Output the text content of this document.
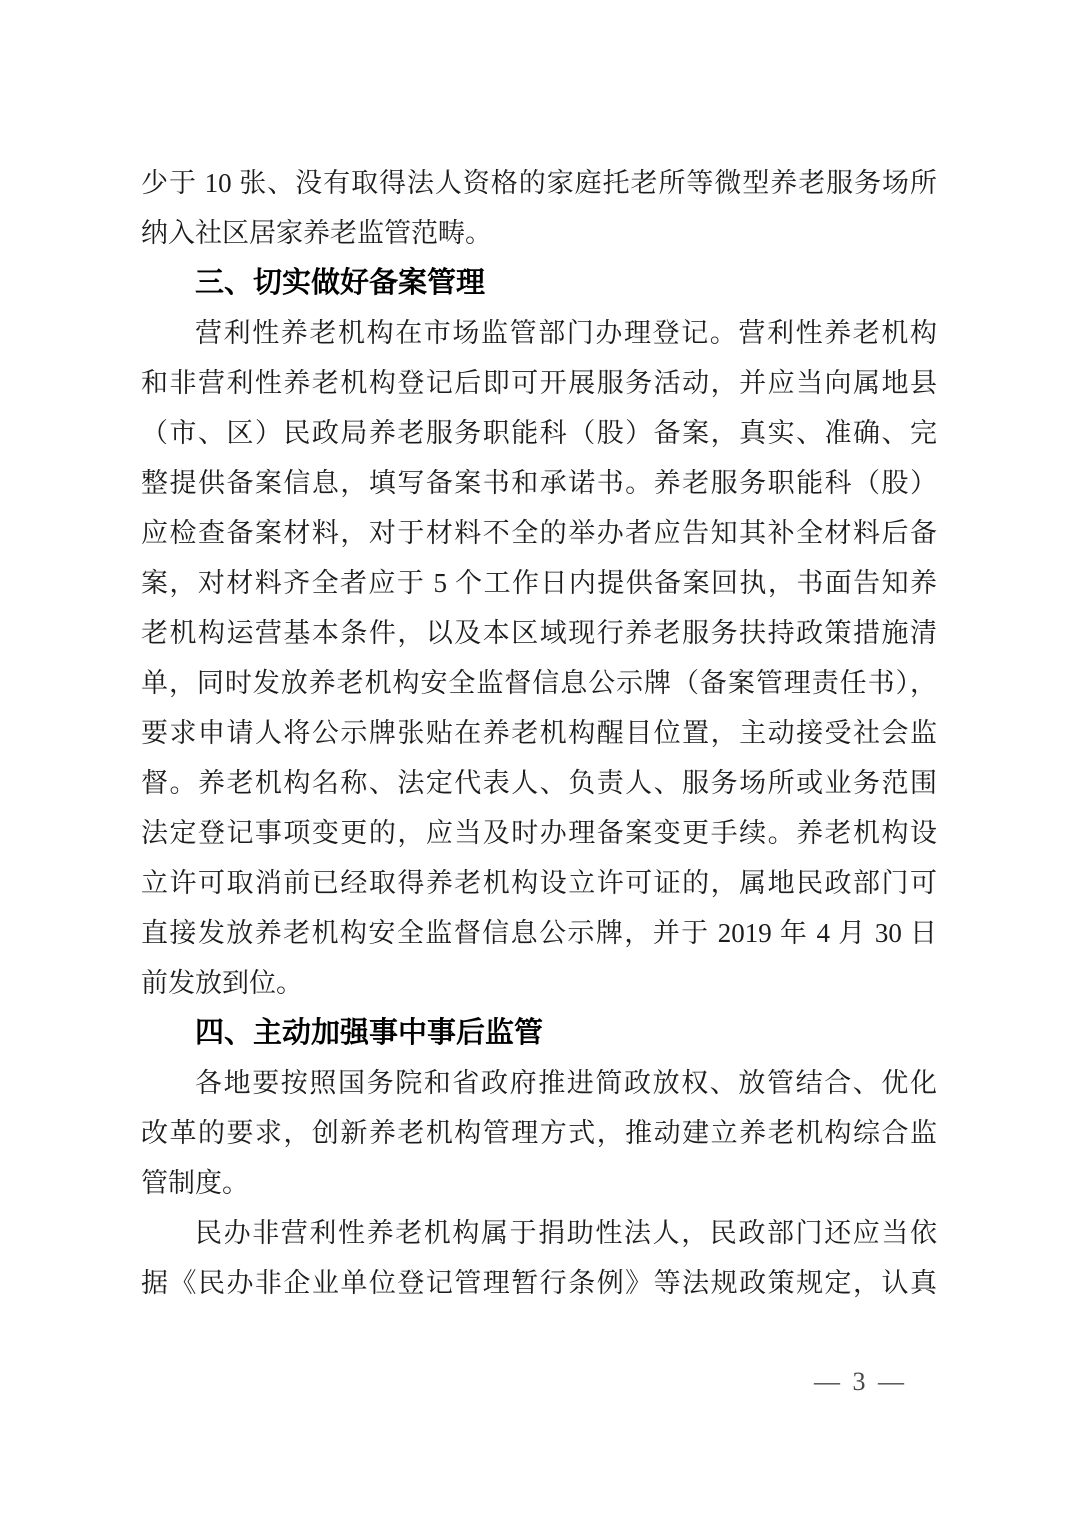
少于 10 张、没有取得法人资格的家庭托老所等微型养老服务场所
纳入社区居家养老监管范畴。
三、切实做好备案管理
营利性养老机构在市场监管部门办理登记。营利性养老机构
和非营利性养老机构登记后即可开展服务活动，并应当向属地县
（市、区）民政局养老服务职能科（股）备案，真实、准确、完
整提供备案信息，填写备案书和承诺书。养老服务职能科（股）
应检查备案材料，对于材料不全的举办者应告知其补全材料后备
案，对材料齐全者应于 5 个工作日内提供备案回执，书面告知养
老机构运营基本条件，以及本区域现行养老服务扶持政策措施清
单，同时发放养老机构安全监督信息公示牌（备案管理责任书），
要求申请人将公示牌张贴在养老机构醒目位置，主动接受社会监
督。养老机构名称、法定代表人、负责人、服务场所或业务范围
法定登记事项变更的，应当及时办理备案变更手续。养老机构设
立许可取消前已经取得养老机构设立许可证的，属地民政部门可
直接发放养老机构安全监督信息公示牌，并于 2019 年 4 月 30 日
前发放到位。
四、主动加强事中事后监管
各地要按照国务院和省政府推进简政放权、放管结合、优化
改革的要求，创新养老机构管理方式，推动建立养老机构综合监
管制度。
民办非营利性养老机构属于捐助性法人，民政部门还应当依
据《民办非企业单位登记管理暂行条例》等法规政策规定，认真
— 3 —
